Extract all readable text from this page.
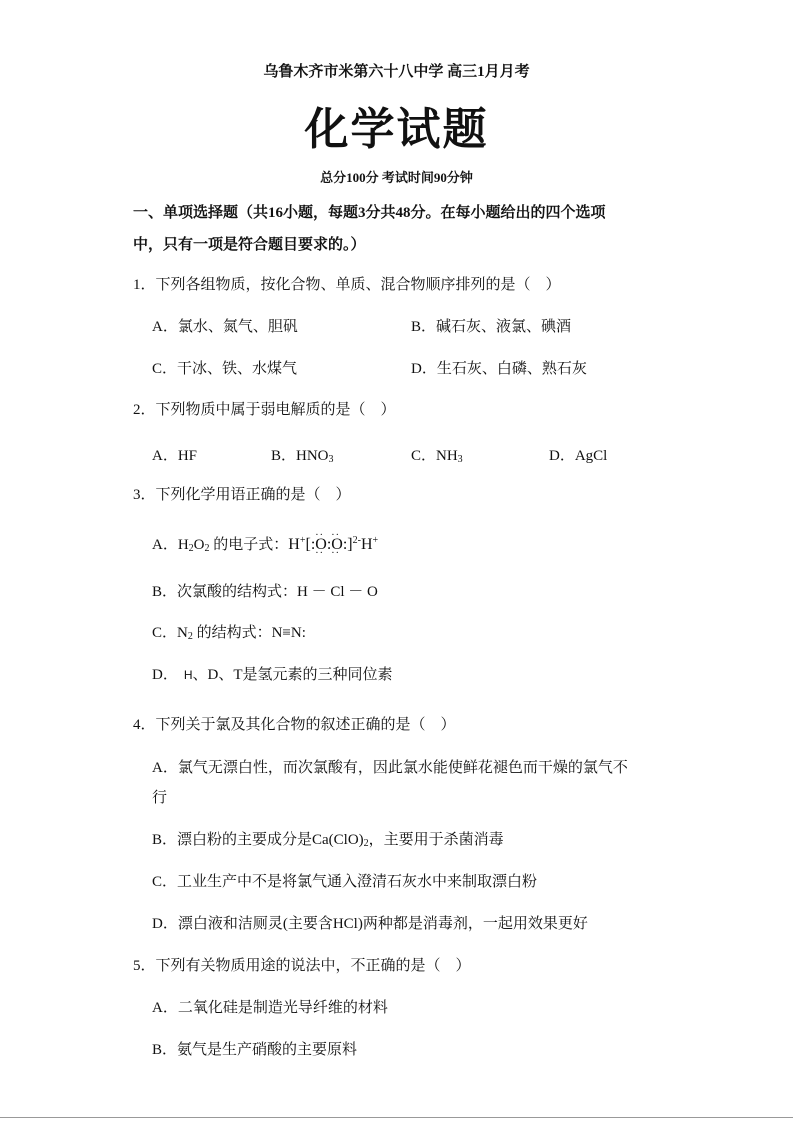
乌鲁木齐市米第六十八中学 高三1月月考
化学试题
总分100分 考试时间90分钟
一、单项选择题（共16小题，每题3分共48分。在每小题给出的四个选项
中，只有一项是符合题目要求的。）
1．下列各组物质，按化合物、单质、混合物顺序排列的是（　）
A．氯水、氮气、胆矾	B．碱石灰、液氯、碘酒
C．干冰、铁、水煤气	D．生石灰、白磷、熟石灰
2．下列物质中属于弱电解质的是（　）
A．HF	B．$HNO_3$	C．$NH_3$	D．AgCl
3．下列化学用语正确的是（　）
A．$H_2O_2$ 的电子式：H+[:·· O ··:·· O ··:]$^{2-}$H+
B．次氯酸的结构式：H － Cl － O
C．$N_2$ 的结构式：N≡N:
D． H、D、T是氢元素的三种同位素
4．下列关于氯及其化合物的叙述正确的是（　）
A．氯气无漂白性，而次氯酸有，因此氯水能使鲜花褪色而干燥的氯气不
行
B．漂白粉的主要成分是$Ca(ClO)_2$，主要用于杀菌消毒
C．工业生产中不是将氯气通入澄清石灰水中来制取漂白粉
D．漂白液和洁厕灵(主要含HCl)两种都是消毒剂，一起用效果更好
5．下列有关物质用途的说法中，不正确的是（　）
A．二氧化硅是制造光导纤维的材料
B．氨气是生产硝酸的主要原料
